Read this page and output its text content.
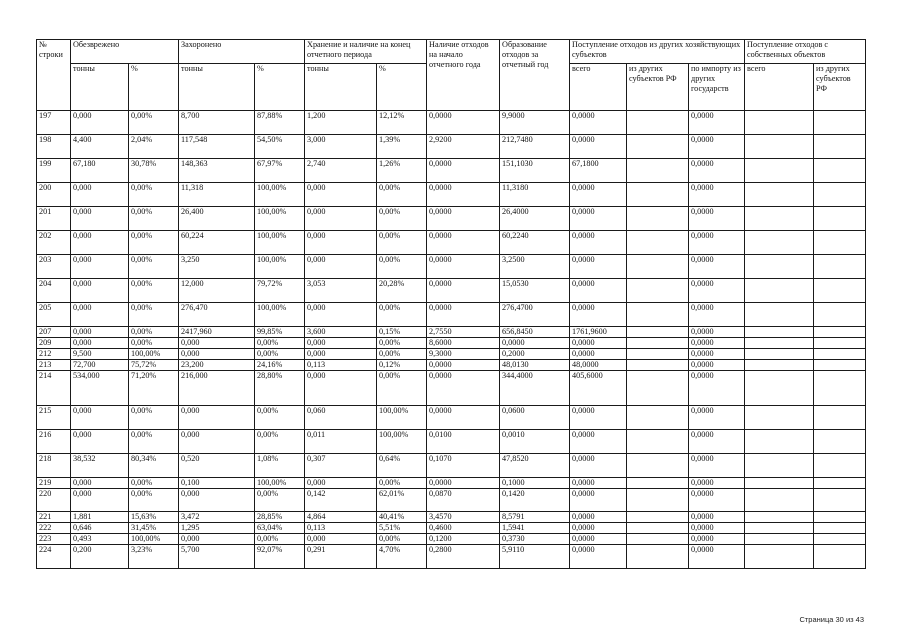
№ строки	Обезврежено		Захоронено		Хранение и наличие на конец отчетного периода		Наличие отходов на начало отчетного года	Образование отходов за отчетный год	Поступление отходов из других хозяйствующих субъектов			Поступление отходов с собственных объектов	
	тонны	%	тонны	%	тонны	%			всего	из других субъектов РФ	по импорту из других государств	всего	из других субъектов РФ
197	0,000	0,00%	8,700	87,88%	1,200	12,12%	0,0000	9,9000	0,0000		0,0000		
198	4,400	2,04%	117,548	54,50%	3,000	1,39%	2,9200	212,7480	0,0000		0,0000		
199	67,180	30,78%	148,363	67,97%	2,740	1,26%	0,0000	151,1030	67,1800		0,0000		
200	0,000	0,00%	11,318	100,00%	0,000	0,00%	0,0000	11,3180	0,0000		0,0000		
201	0,000	0,00%	26,400	100,00%	0,000	0,00%	0,0000	26,4000	0,0000		0,0000		
202	0,000	0,00%	60,224	100,00%	0,000	0,00%	0,0000	60,2240	0,0000		0,0000		
203	0,000	0,00%	3,250	100,00%	0,000	0,00%	0,0000	3,2500	0,0000		0,0000		
204	0,000	0,00%	12,000	79,72%	3,053	20,28%	0,0000	15,0530	0,0000		0,0000		
205	0,000	0,00%	276,470	100,00%	0,000	0,00%	0,0000	276,4700	0,0000		0,0000		
207	0,000	0,00%	2417,960	99,85%	3,600	0,15%	2,7550	656,8450	1761,9600		0,0000		
209	0,000	0,00%	0,000	0,00%	0,000	0,00%	8,6000	0,0000	0,0000		0,0000		
212	9,500	100,00%	0,000	0,00%	0,000	0,00%	9,3000	0,2000	0,0000		0,0000		
213	72,700	75,72%	23,200	24,16%	0,113	0,12%	0,0000	48,0130	48,0000		0,0000		
214	534,000	71,20%	216,000	28,80%	0,000	0,00%	0,0000	344,4000	405,6000		0,0000		
215	0,000	0,00%	0,000	0,00%	0,060	100,00%	0,0000	0,0600	0,0000		0,0000		
216	0,000	0,00%	0,000	0,00%	0,011	100,00%	0,0100	0,0010	0,0000		0,0000		
218	38,532	80,34%	0,520	1,08%	0,307	0,64%	0,1070	47,8520	0,0000		0,0000		
219	0,000	0,00%	0,100	100,00%	0,000	0,00%	0,0000	0,1000	0,0000		0,0000		
220	0,000	0,00%	0,000	0,00%	0,142	62,01%	0,0870	0,1420	0,0000		0,0000		
221	1,881	15,63%	3,472	28,85%	4,864	40,41%	3,4570	8,5791	0,0000		0,0000		
222	0,646	31,45%	1,295	63,04%	0,113	5,51%	0,4600	1,5941	0,0000		0,0000		
223	0,493	100,00%	0,000	0,00%	0,000	0,00%	0,1200	0,3730	0,0000		0,0000		
224	0,200	3,23%	5,700	92,07%	0,291	4,70%	0,2800	5,9110	0,0000		0,0000		
Страница 30 из 43
